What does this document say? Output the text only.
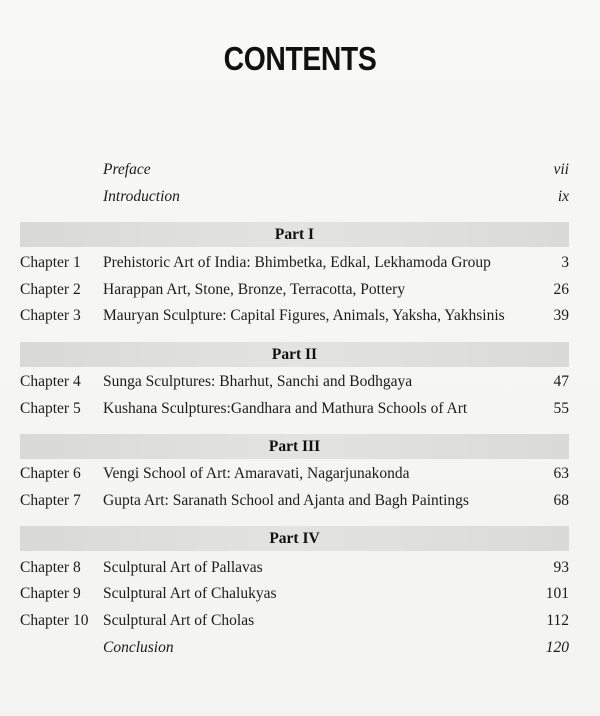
CONTENTS
Preface	vii
Introduction	ix
Part I
Chapter 1 Prehistoric Art of India: Bhimbetka, Edkal, Lekhamoda Group	3
Chapter 2 Harappan Art, Stone, Bronze, Terracotta, Pottery	26
Chapter 3 Mauryan Sculpture: Capital Figures, Animals, Yaksha, Yakhsinis	39
Part II
Chapter 4 Sunga Sculptures: Bharhut, Sanchi and Bodhgaya	47
Chapter 5 Kushana Sculptures:Gandhara and Mathura Schools of Art	55
Part III
Chapter 6 Vengi School of Art: Amaravati, Nagarjunakonda	63
Chapter 7 Gupta Art: Saranath School and Ajanta and Bagh Paintings	68
Part IV
Chapter 8 Sculptural Art of Pallavas	93
Chapter 9 Sculptural Art of Chalukyas	101
Chapter 10 Sculptural Art of Cholas	112
Conclusion	120
